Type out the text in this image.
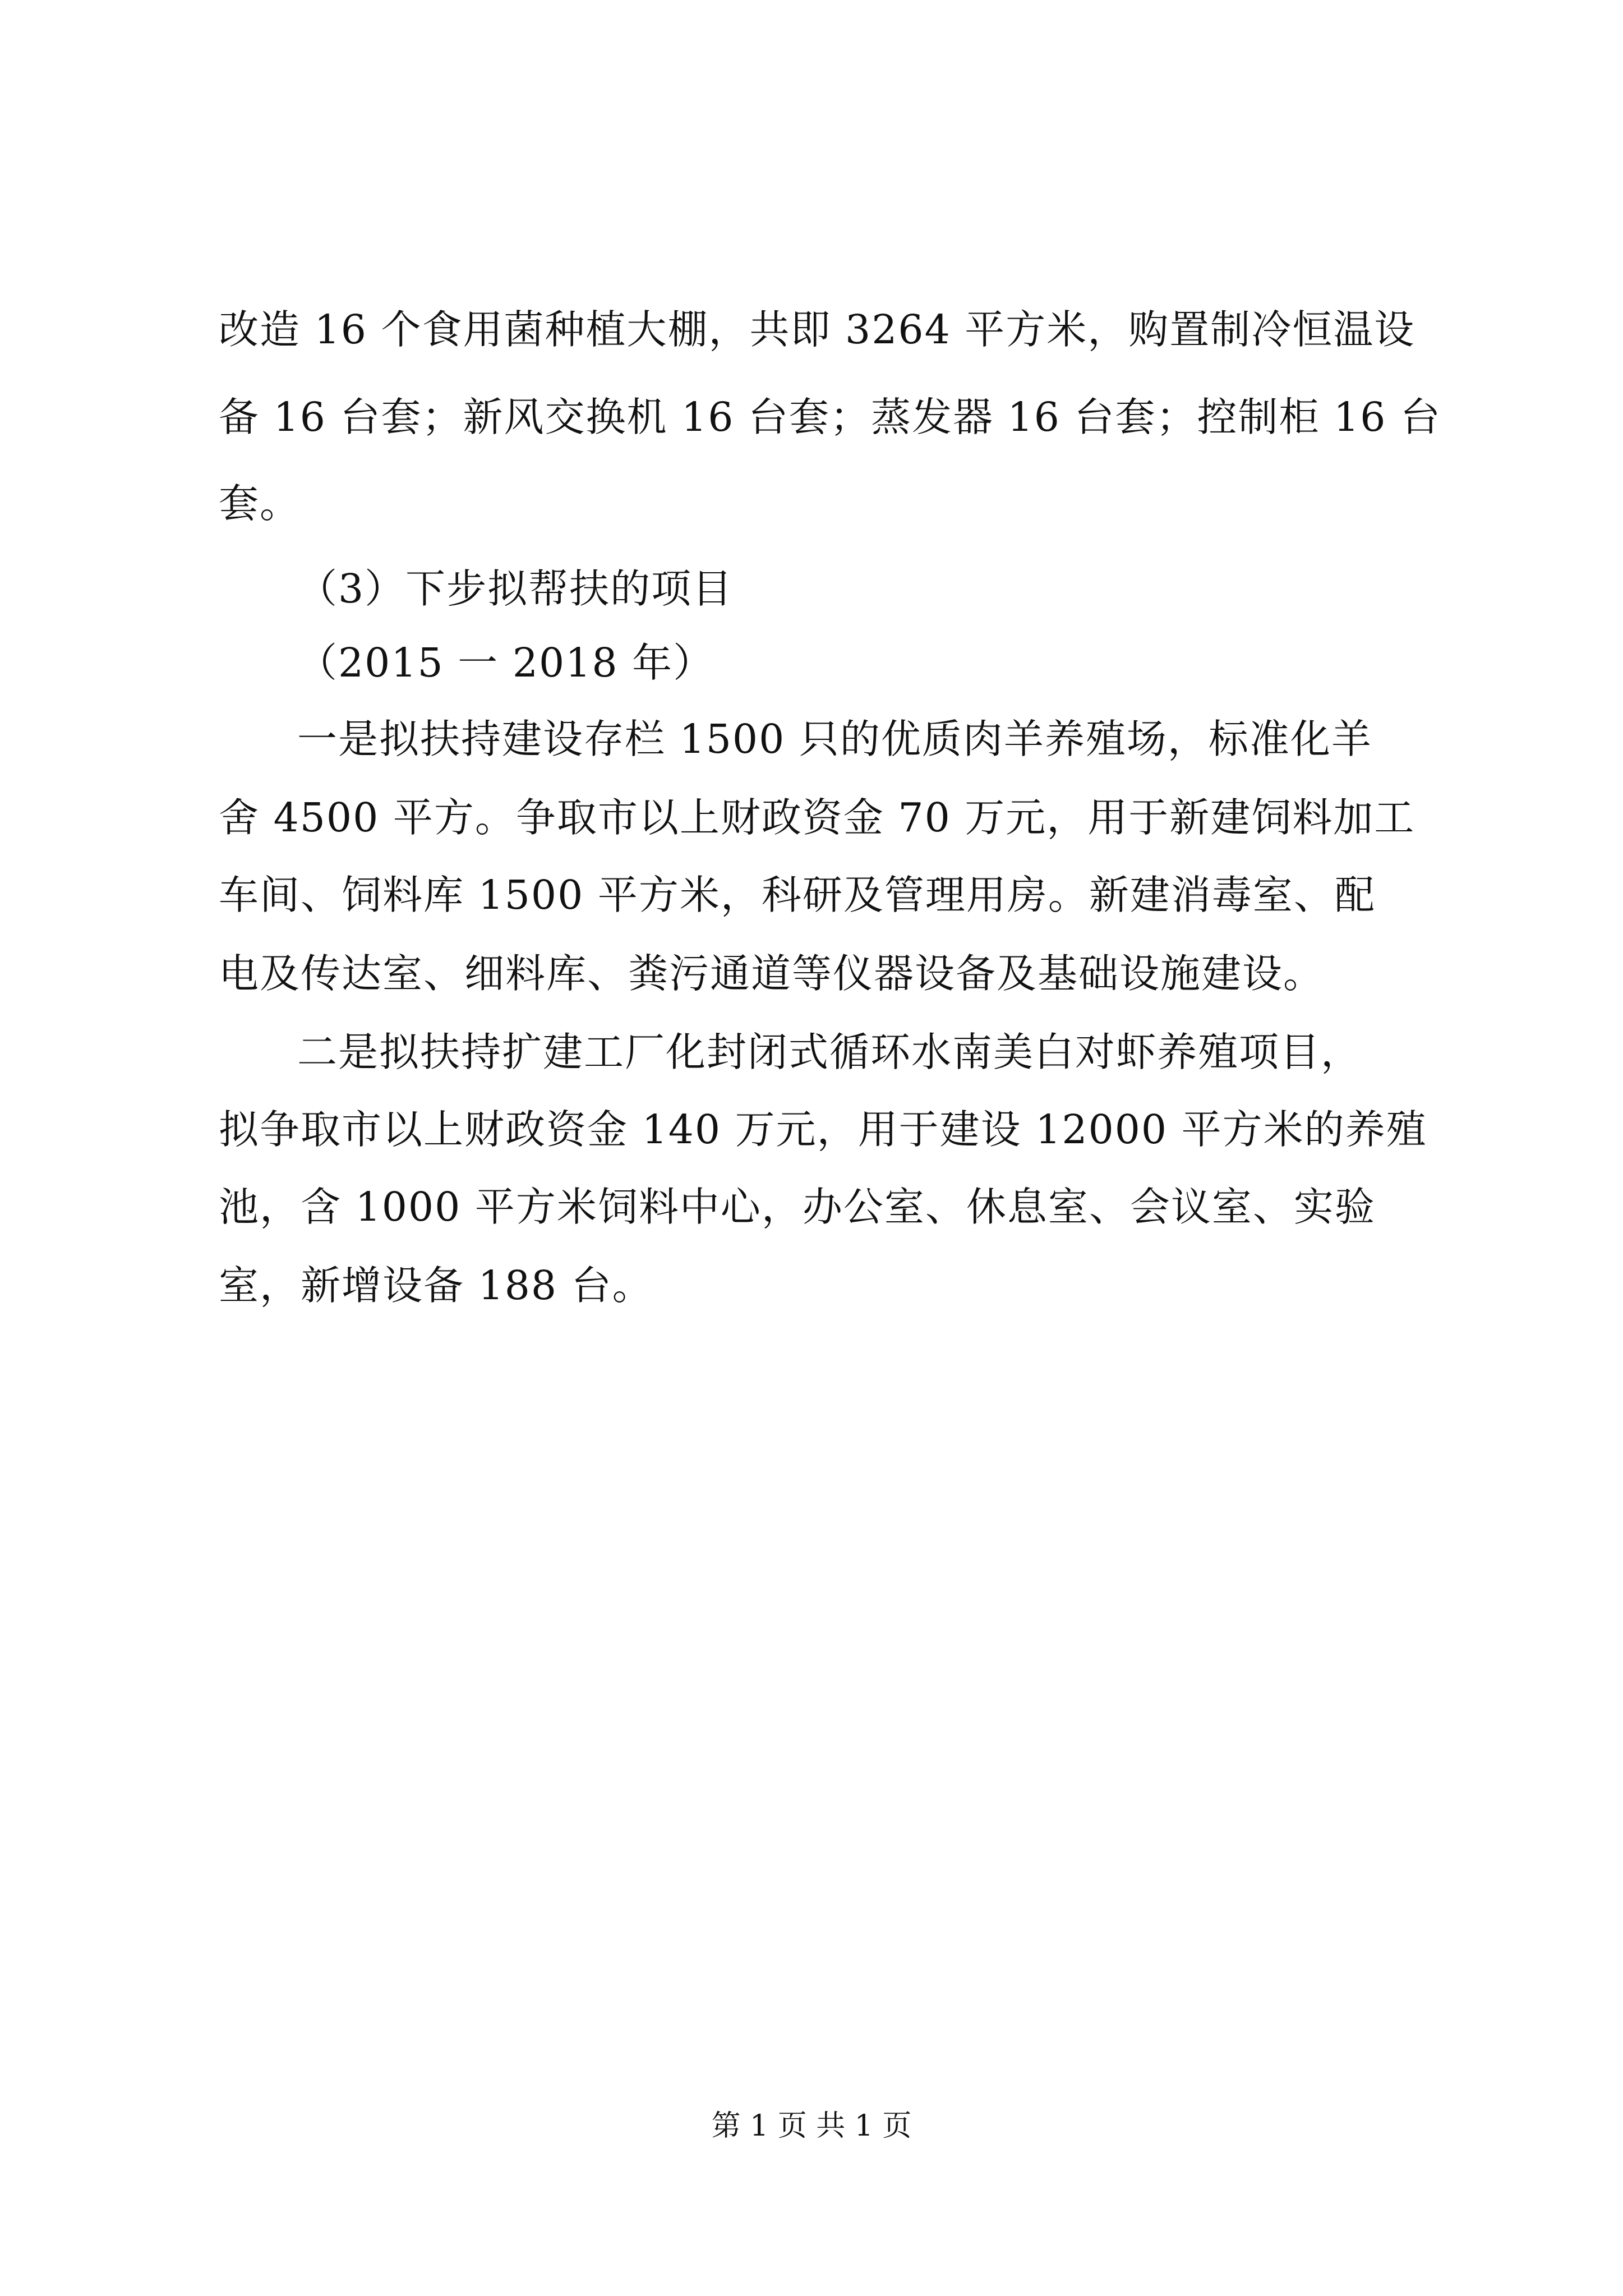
改造 16 个食用菌种植大棚，共即 3264 平方米，购置制冷恒温设
备 16 台套；新风交换机 16 台套；蒸发器 16 台套；控制柜 16 台
套。
（3）下步拟帮扶的项目
（2015 一 2018 年）
一是拟扶持建设存栏 1500 只的优质肉羊养殖场，标准化羊
舍 4500 平方。争取市以上财政资金 70 万元，用于新建饲料加工
车间、饲料库 1500 平方米，科研及管理用房。新建消毒室、配
电及传达室、细料库、粪污通道等仪器设备及基础设施建设。
二是拟扶持扩建工厂化封闭式循环水南美白对虾养殖项目，
拟争取市以上财政资金 140 万元，用于建设 12000 平方米的养殖
池，含 1000 平方米饲料中心，办公室、休息室、会议室、实验
室，新增设备 188 台。
第 1 页 共 1 页
